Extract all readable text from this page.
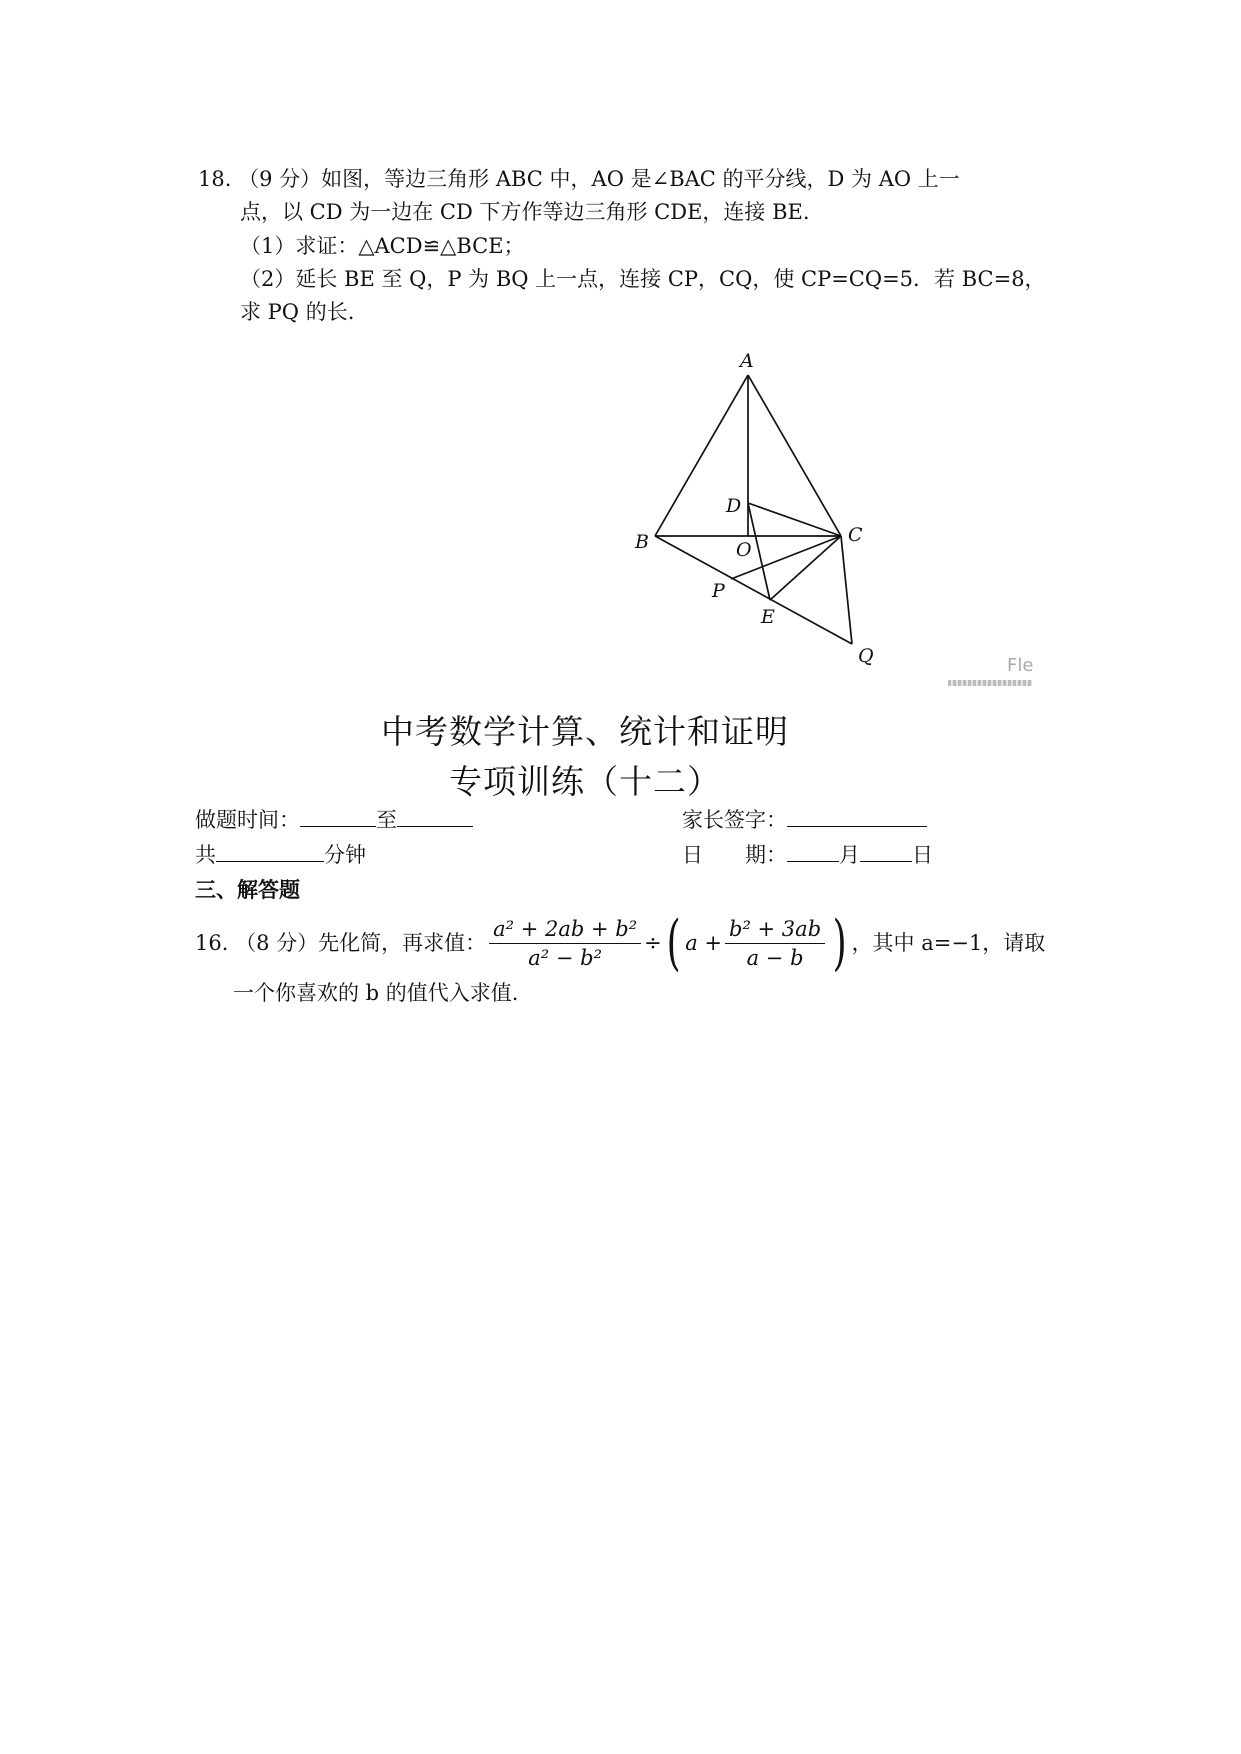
18. （9 分）如图，等边三角形 ABC 中，AO 是∠BAC 的平分线，D 为 AO 上一
点，以 CD 为一边在 CD 下方作等边三角形 CDE，连接 BE.
（1）求证：△ACD≌△BCE；
（2）延长 BE 至 Q，P 为 BQ 上一点，连接 CP，CQ，使 CP=CQ=5．若 BC=8，
求 PQ 的长.
A
B	C
D
O
P
E
Q	Fle
中考数学计算、统计和证明
专项训练（十二）
做题时间：	至	家长签字：
共	分钟	日　　期： 月 日
三、解答题
16.
（8 分） 先化简，再求值： $\frac{\text{a² + 2ab + b²}}{\text{a² − b²}}$ ÷ ( $a + \frac{\text{b² + 3ab}}{a - b}$ ) ，其中 a=−1，请取
一个你喜欢的 b 的值代入求值.
